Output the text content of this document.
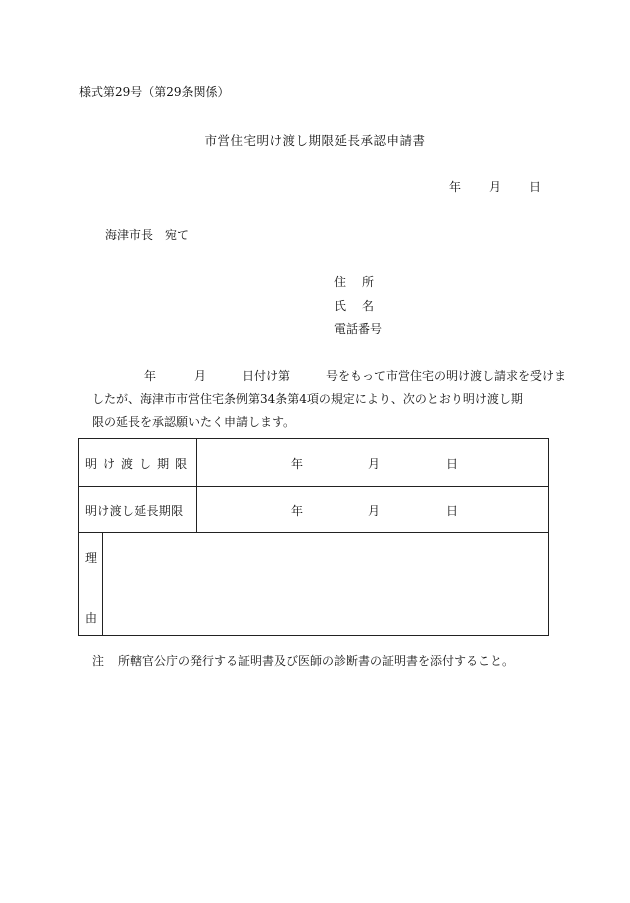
様式第29号（第29条関係）
市営住宅明け渡し期限延長承認申請書
年 月 日
海津市長 宛て
住 所
氏 名
電話番号
年	月	日付け第	号をもって市営住宅の明け渡し請求を受けま
したが、海津市市営住宅条例第34条第4項の規定により、次のとおり明け渡し期
限の延長を承認願いたく申請します。
明 け 渡 し 期 限	年	月	日
明け渡し延長期限	年	月	日
理
由
注 所轄官公庁の発行する証明書及び医師の診断書の証明書を添付すること。
